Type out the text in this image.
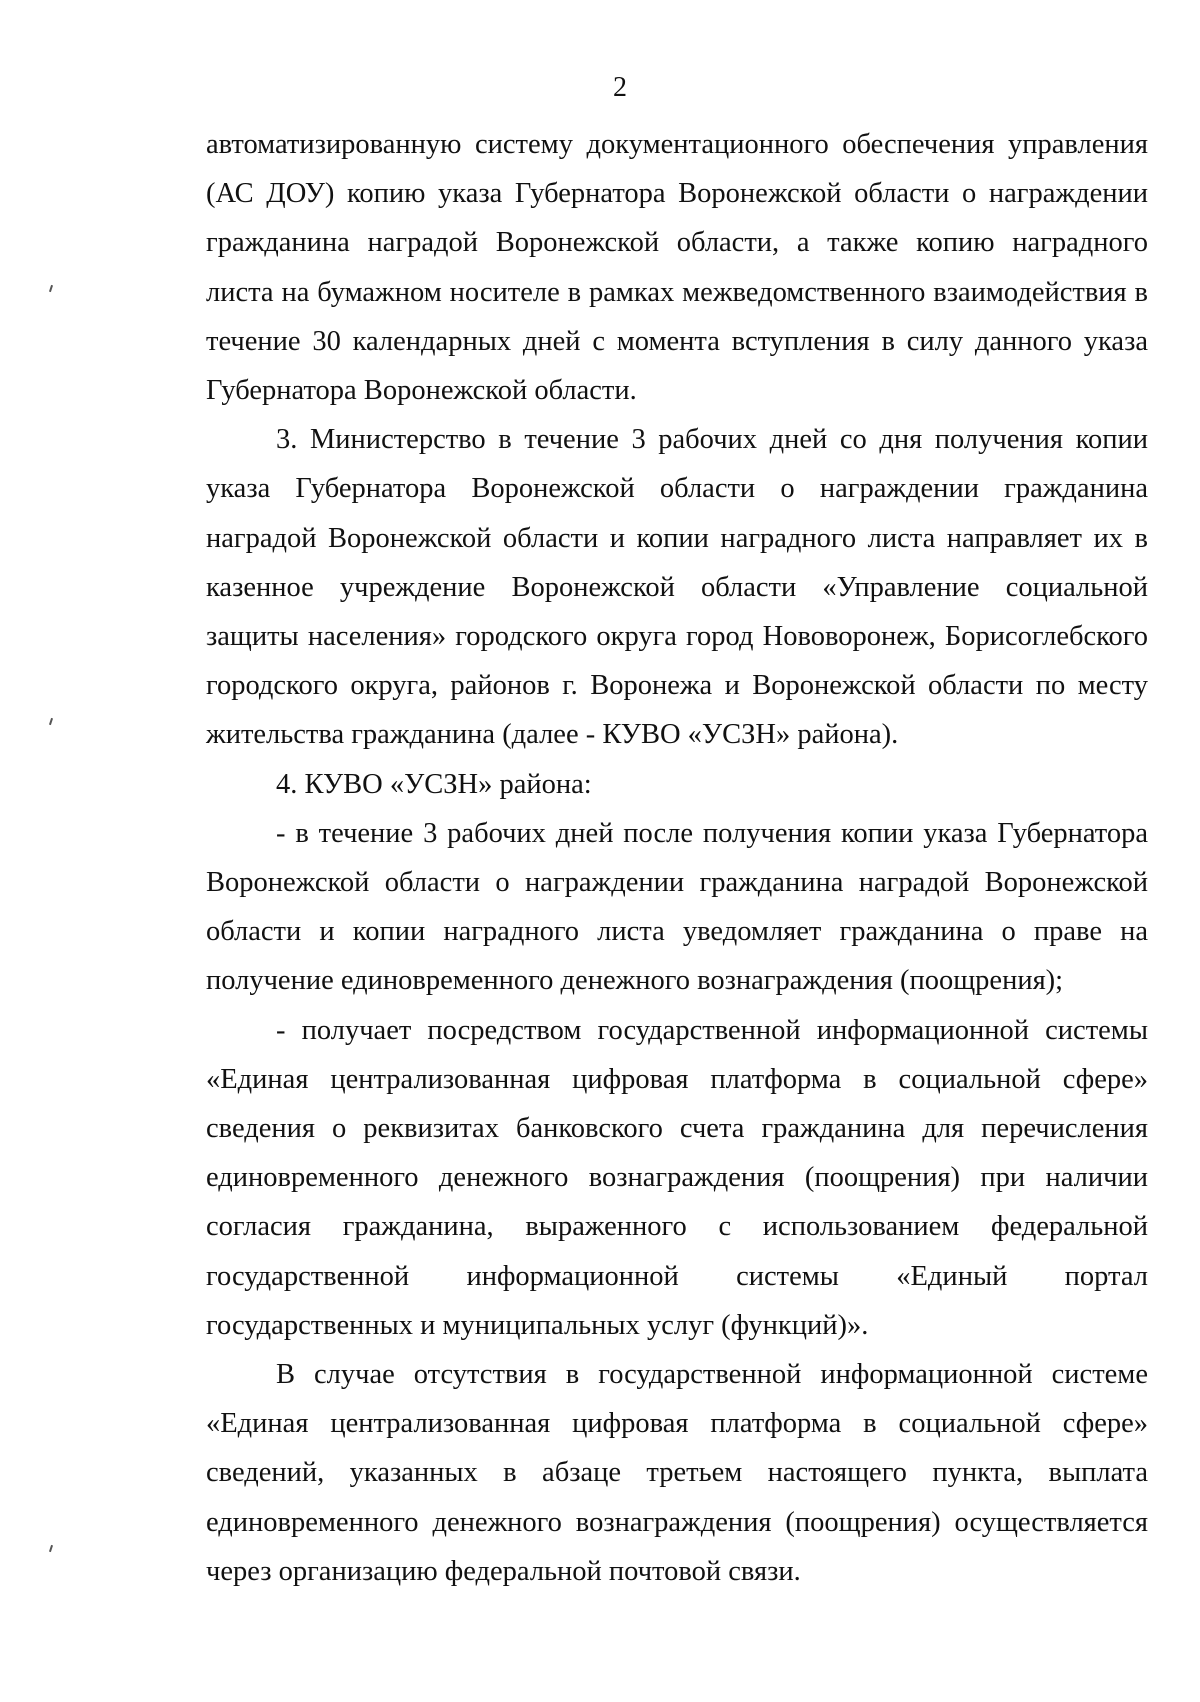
2

автоматизированную систему документационного обеспечения управления (АС ДОУ) копию указа Губернатора Воронежской области о награждении гражданина наградой Воронежской области, а также копию наградного листа на бумажном носителе в рамках межведомственного взаимодействия в течение 30 календарных дней с момента вступления в силу данного указа Губернатора Воронежской области.

3. Министерство в течение 3 рабочих дней со дня получения копии указа Губернатора Воронежской области о награждении гражданина наградой Воронежской области и копии наградного листа направляет их в казенное учреждение Воронежской области «Управление социальной защиты населения» городского округа город Нововоронеж, Борисоглебского городского округа, районов г. Воронежа и Воронежской области по месту жительства гражданина (далее - КУВО «УСЗН» района).

4. КУВО «УСЗН» района:

- в течение 3 рабочих дней после получения копии указа Губернатора Воронежской области о награждении гражданина наградой Воронежской области и копии наградного листа уведомляет гражданина о праве на получение единовременного денежного вознаграждения (поощрения);

- получает посредством государственной информационной системы «Единая централизованная цифровая платформа в социальной сфере» сведения о реквизитах банковского счета гражданина для перечисления единовременного денежного вознаграждения (поощрения) при наличии согласия гражданина, выраженного с использованием федеральной государственной информационной системы «Единый портал государственных и муниципальных услуг (функций)».

В случае отсутствия в государственной информационной системе «Единая централизованная цифровая платформа в социальной сфере» сведений, указанных в абзаце третьем настоящего пункта, выплата единовременного денежного вознаграждения (поощрения) осуществляется через организацию федеральной почтовой связи.
